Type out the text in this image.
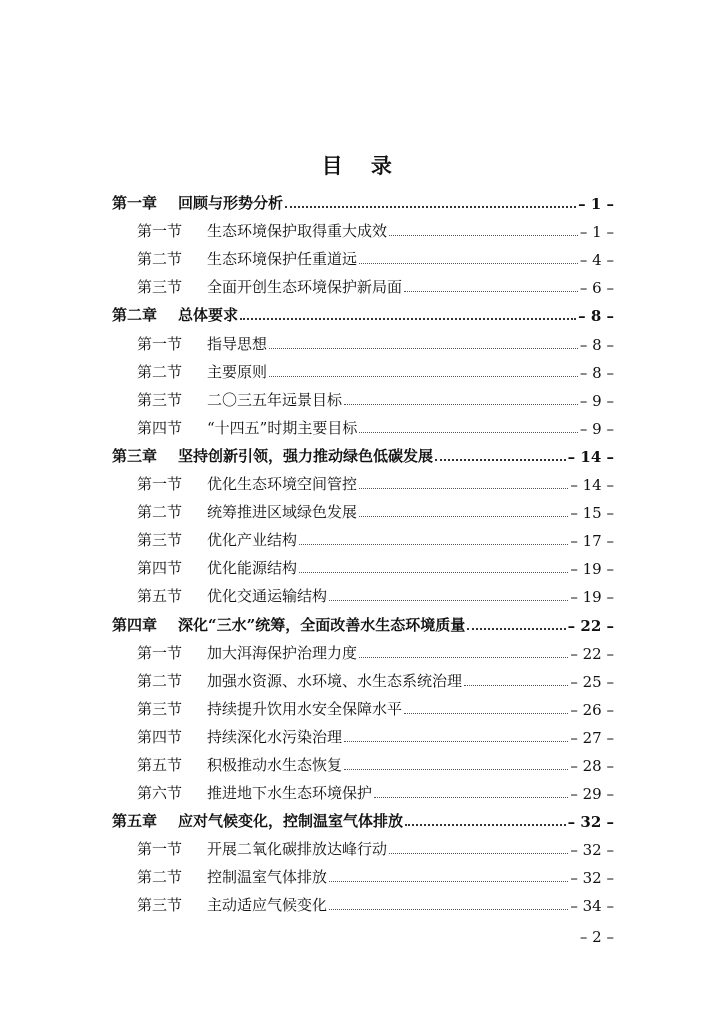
目 录
第一章	回顾与形势分析	– 1 –
第一节	生态环境保护取得重大成效	– 1 –
第二节	生态环境保护任重道远	– 4 –
第三节	全面开创生态环境保护新局面	– 6 –
第二章	总体要求	– 8 –
第一节	指导思想	– 8 –
第二节	主要原则	– 8 –
第三节	二〇三五年远景目标	– 9 –
第四节	“十四五”时期主要目标	– 9 –
第三章	坚持创新引领，强力推动绿色低碳发展	– 14 –
第一节	优化生态环境空间管控	– 14 –
第二节	统筹推进区域绿色发展	– 15 –
第三节	优化产业结构	– 17 –
第四节	优化能源结构	– 19 –
第五节	优化交通运输结构	– 19 –
第四章	深化“三水”统筹，全面改善水生态环境质量	– 22 –
第一节	加大洱海保护治理力度	– 22 –
第二节	加强水资源、水环境、水生态系统治理	– 25 –
第三节	持续提升饮用水安全保障水平	– 26 –
第四节	持续深化水污染治理	– 27 –
第五节	积极推动水生态恢复	– 28 –
第六节	推进地下水生态环境保护	– 29 –
第五章	应对气候变化，控制温室气体排放	– 32 –
第一节	开展二氧化碳排放达峰行动	– 32 –
第二节	控制温室气体排放	– 32 –
第三节	主动适应气候变化	– 34 –
– 2 –
